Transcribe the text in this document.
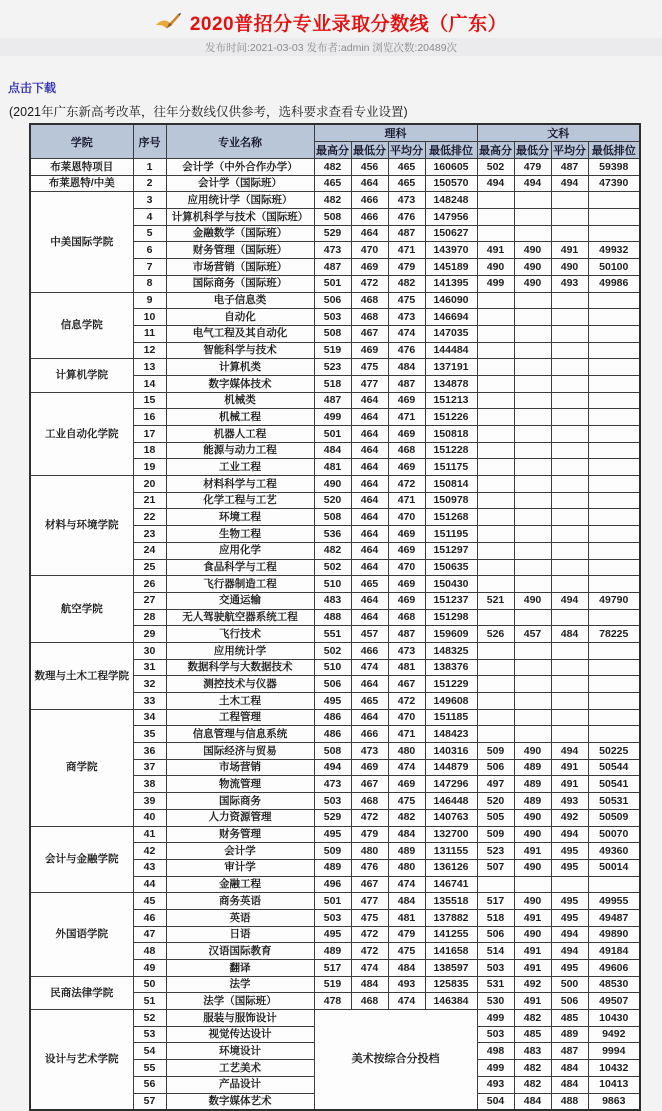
2020普招分专业录取分数线（广东）
发布时间:2021-03-03 发布者:admin 浏览次数:20489次
点击下载
(2021年广东新高考改革，往年分数线仅供参考，选科要求查看专业设置)
学院	序号	专业名称	理科				文科			
			最高分	最低分	平均分	最低排位	最高分	最低分	平均分	最低排位
布莱恩特项目	1	会计学（中外合作办学）	482	456	465	160605	502	479	487	59398
布莱恩特/中美	2	会计学（国际班）	465	464	465	150570	494	494	494	47390
中美国际学院	3	应用统计学（国际班）	482	466	473	148248				
	4	计算机科学与技术（国际班）	508	466	476	147956				
	5	金融数学（国际班）	529	464	487	150627				
	6	财务管理（国际班）	473	470	471	143970	491	490	491	49932
	7	市场营销（国际班）	487	469	479	145189	490	490	490	50100
	8	国际商务（国际班）	501	472	482	141395	499	490	493	49986
信息学院	9	电子信息类	506	468	475	146090				
	10	自动化	503	468	473	146694				
	11	电气工程及其自动化	508	467	474	147035				
	12	智能科学与技术	519	469	476	144484				
计算机学院	13	计算机类	523	475	484	137191				
	14	数字媒体技术	518	477	487	134878				
工业自动化学院	15	机械类	487	464	469	151213				
	16	机械工程	499	464	471	151226				
	17	机器人工程	501	464	469	150818				
	18	能源与动力工程	484	464	468	151228				
	19	工业工程	481	464	469	151175				
材料与环境学院	20	材料科学与工程	490	464	472	150814				
	21	化学工程与工艺	520	464	471	150978				
	22	环境工程	508	464	470	151268				
	23	生物工程	536	464	469	151195				
	24	应用化学	482	464	469	151297				
	25	食品科学与工程	502	464	470	150635				
航空学院	26	飞行器制造工程	510	465	469	150430				
	27	交通运输	483	464	469	151237	521	490	494	49790
	28	无人驾驶航空器系统工程	488	464	468	151298				
	29	飞行技术	551	457	487	159609	526	457	484	78225
数理与土木工程学院	30	应用统计学	502	466	473	148325				
	31	数据科学与大数据技术	510	474	481	138376				
	32	测控技术与仪器	506	464	467	151229				
	33	土木工程	495	465	472	149608				
商学院	34	工程管理	486	464	470	151185				
	35	信息管理与信息系统	486	466	471	148423				
	36	国际经济与贸易	508	473	480	140316	509	490	494	50225
	37	市场营销	494	469	474	144879	506	489	491	50544
	38	物流管理	473	467	469	147296	497	489	491	50541
	39	国际商务	503	468	475	146448	520	489	493	50531
	40	人力资源管理	529	472	482	140763	505	490	492	50509
会计与金融学院	41	财务管理	495	479	484	132700	509	490	494	50070
	42	会计学	509	480	489	131155	523	491	495	49360
	43	审计学	489	476	480	136126	507	490	495	50014
	44	金融工程	496	467	474	146741				
外国语学院	45	商务英语	501	477	484	135518	517	490	495	49955
	46	英语	503	475	481	137882	518	491	495	49487
	47	日语	495	472	479	141255	506	490	494	49890
	48	汉语国际教育	489	472	475	141658	514	491	494	49184
	49	翻译	517	474	484	138597	503	491	495	49606
民商法律学院	50	法学	519	484	493	125835	531	492	500	48530
	51	法学（国际班）	478	468	474	146384	530	491	506	49507
设计与艺术学院	52	服装与服饰设计	美术按综合分投档				499	482	485	10430
	53	视觉传达设计					503	485	489	9492
	54	环境设计					498	483	487	9994
	55	工艺美术					499	482	484	10432
	56	产品设计					493	482	484	10413
	57	数字媒体艺术					504	484	488	9863
